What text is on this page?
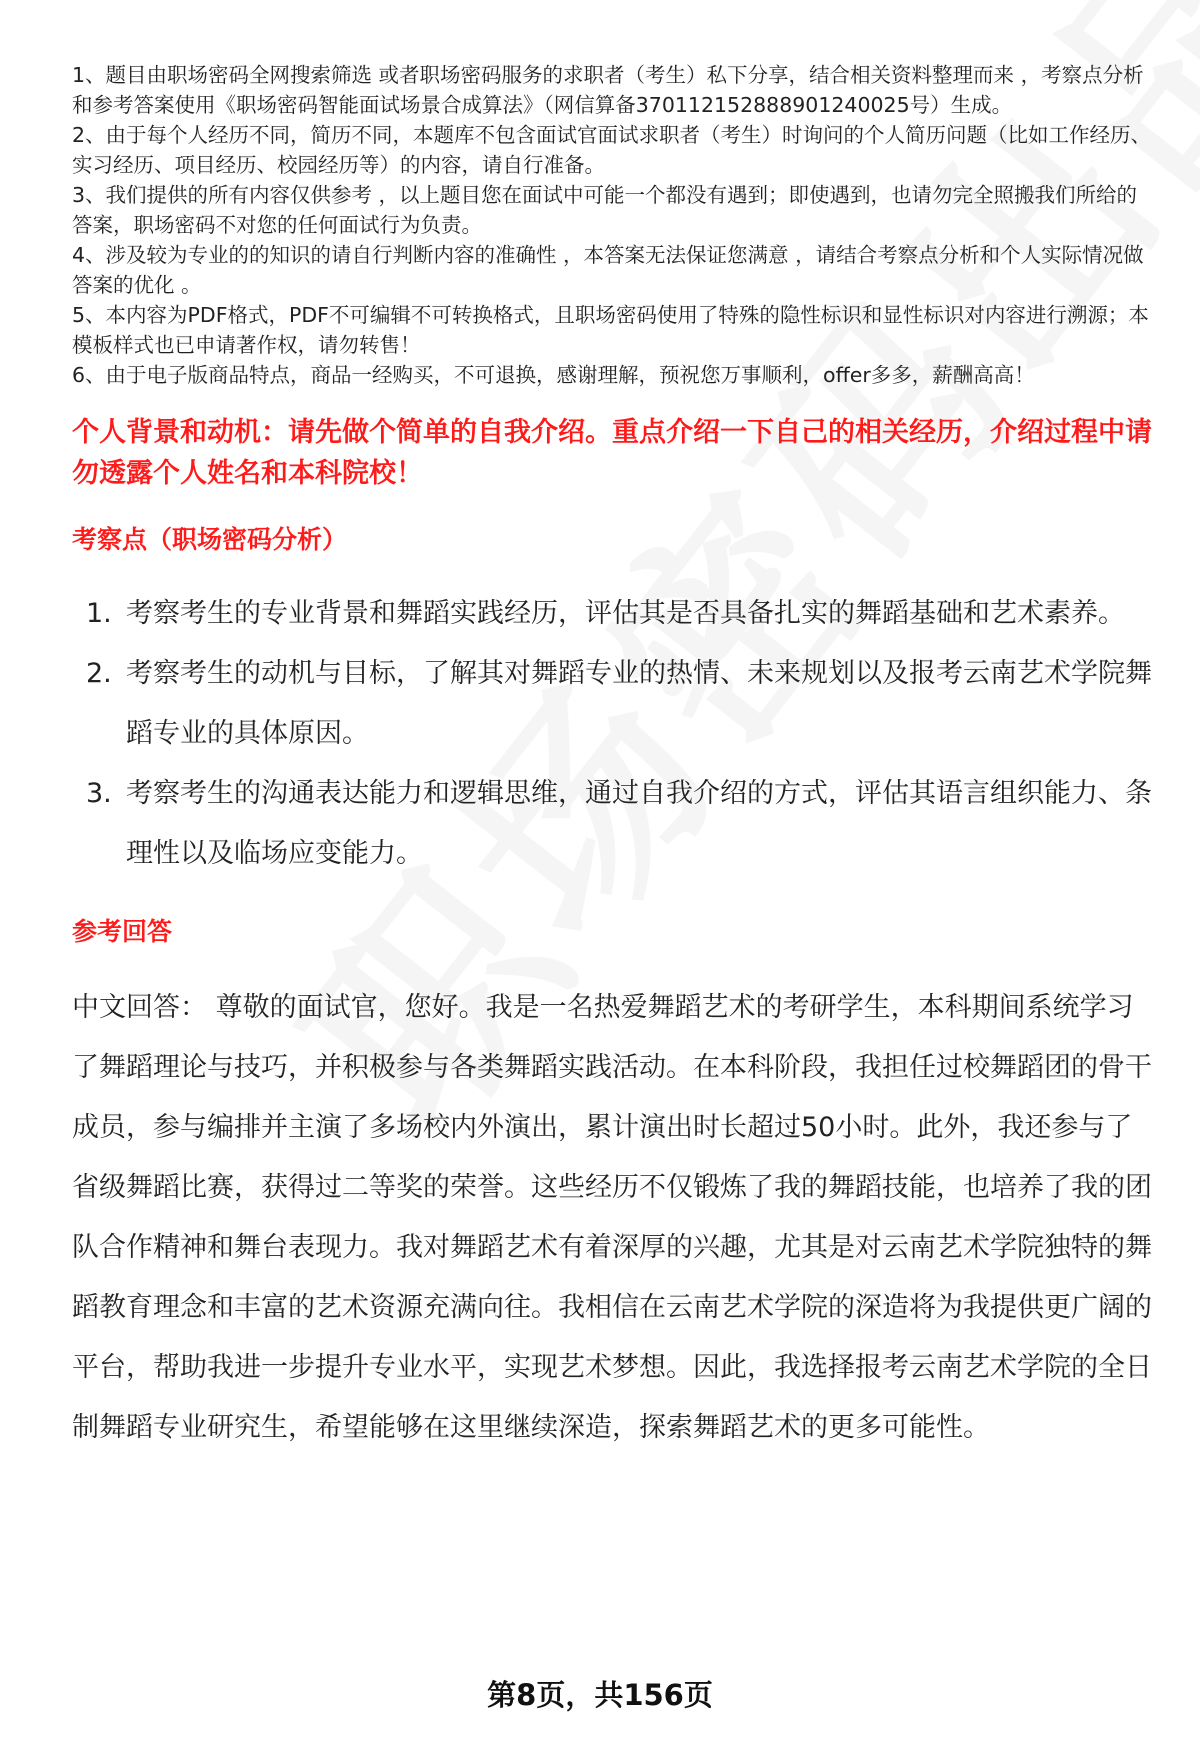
1、题目由职场密码全网搜索筛选 或者职场密码服务的求职者（考生）私下分享，结合相关资料整理而来 ，考察点分析和参考答案使用《职场密码智能面试场景合成算法》（网信算备370112152888901240025号）生成。
2、由于每个人经历不同，简历不同，本题库不包含面试官面试求职者（考生）时询问的个人简历问题（比如工作经历、实习经历、项目经历、校园经历等）的内容，请自行准备。
3、我们提供的所有内容仅供参考 ，以上题目您在面试中可能一个都没有遇到；即使遇到，也请勿完全照搬我们所给的答案，职场密码不对您的任何面试行为负责。
4、涉及较为专业的的知识的请自行判断内容的准确性 ，本答案无法保证您满意 ，请结合考察点分析和个人实际情况做答案的优化 。
5、本内容为PDF格式，PDF不可编辑不可转换格式，且职场密码使用了特殊的隐性标识和显性标识对内容进行溯源；本模板样式也已申请著作权，请勿转售！
6、由于电子版商品特点，商品一经购买，不可退换，感谢理解，预祝您万事顺利，offer多多，薪酬高高！
个人背景和动机：请先做个简单的自我介绍。重点介绍一下自己的相关经历，介绍过程中请勿透露个人姓名和本科院校！
考察点（职场密码分析）
1. 考察考生的专业背景和舞蹈实践经历，评估其是否具备扎实的舞蹈基础和艺术素养。
2. 考察考生的动机与目标，了解其对舞蹈专业的热情、未来规划以及报考云南艺术学院舞蹈专业的具体原因。
3. 考察考生的沟通表达能力和逻辑思维，通过自我介绍的方式，评估其语言组织能力、条理性以及临场应变能力。
参考回答
中文回答： 尊敬的面试官，您好。我是一名热爱舞蹈艺术的考研学生，本科期间系统学习了舞蹈理论与技巧，并积极参与各类舞蹈实践活动。在本科阶段，我担任过校舞蹈团的骨干成员，参与编排并主演了多场校内外演出，累计演出时长超过50小时。此外，我还参与了省级舞蹈比赛，获得过二等奖的荣誉。这些经历不仅锻炼了我的舞蹈技能，也培养了我的团队合作精神和舞台表现力。我对舞蹈艺术有着深厚的兴趣，尤其是对云南艺术学院独特的舞蹈教育理念和丰富的艺术资源充满向往。我相信在云南艺术学院的深造将为我提供更广阔的平台，帮助我进一步提升专业水平，实现艺术梦想。因此，我选择报考云南艺术学院的全日制舞蹈专业研究生，希望能够在这里继续深造，探索舞蹈艺术的更多可能性。
第8页，共156页
